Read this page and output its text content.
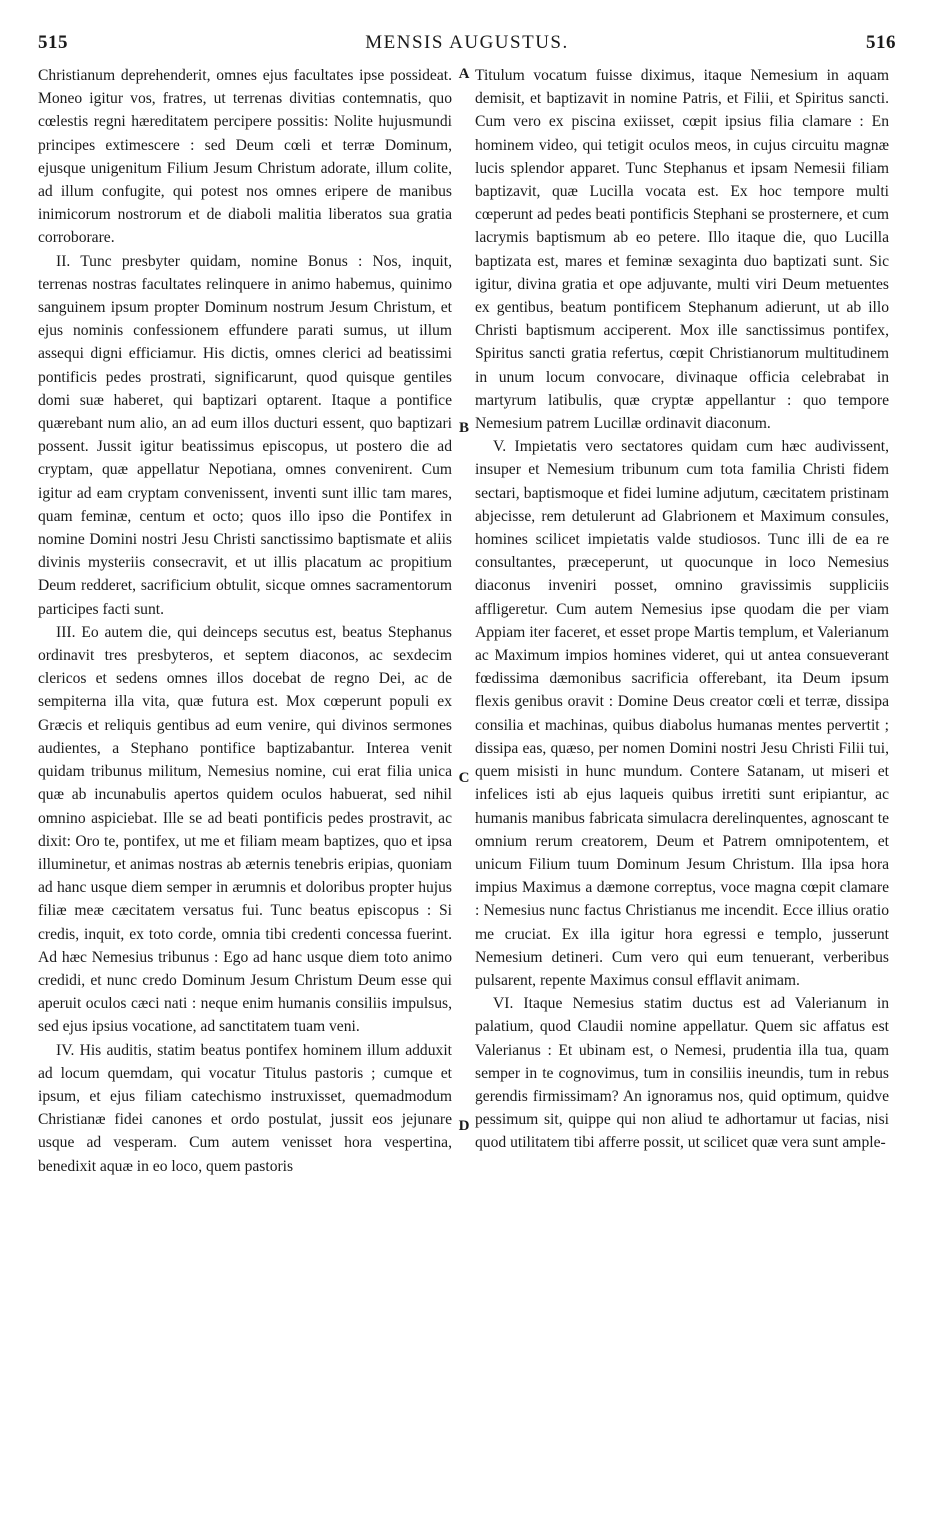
515	MENSIS AUGUSTUS.	516

Christianum deprehenderit, omnes ejus facultates ipse possideat. Moneo igitur vos, fratres, ut terrenas divitias contemnatis, quo cœlestis regni hæreditatem percipere possitis: Nolite hujusmundi principes extimescere : sed Deum cœli et terræ Dominum, ejusque unigenitum Filium Jesum Christum adorate, illum colite, ad illum confugite, qui potest nos omnes eripere de manibus inimicorum nostrorum et de diaboli malitia liberatos sua gratia corroborare.

II. Tunc presbyter quidam, nomine Bonus : Nos, inquit, terrenas nostras facultates relinquere in animo habemus, quinimo sanguinem ipsum propter Dominum nostrum Jesum Christum, et ejus nominis confessionem effundere parati sumus, ut illum assequi digni efficiamur. His dictis, omnes clerici ad beatissimi pontificis pedes prostrati, significarunt, quod quisque gentiles domi suæ haberet, qui baptizari optarent. Itaque a pontifice quærebant num alio, an ad eum illos ducturi essent, quo baptizari possent. Jussit igitur beatissimus episcopus, ut postero die ad cryptam, quæ appellatur Nepotiana, omnes convenirent. Cum igitur ad eam cryptam convenissent, inventi sunt illic tam mares, quam feminæ, centum et octo; quos illo ipso die Pontifex in nomine Domini nostri Jesu Christi sanctissimo baptismate et aliis divinis mysteriis consecravit, et ut illis placatum ac propitium Deum redderet, sacrificium obtulit, sicque omnes sacramentorum participes facti sunt.

III. Eo autem die, qui deinceps secutus est, beatus Stephanus ordinavit tres presbyteros, et septem diaconos, ac sexdecim clericos et sedens omnes illos docebat de regno Dei, ac de sempiterna illa vita, quæ futura est. Mox cœperunt populi ex Græcis et reliquis gentibus ad eum venire, qui divinos sermones audientes, a Stephano pontifice baptizabantur. Interea venit quidam tribunus militum, Nemesius nomine, cui erat filia unica quæ ab incunabulis apertos quidem oculos habuerat, sed nihil omnino aspiciebat. Ille se ad beati pontificis pedes prostravit, ac dixit: Oro te, pontifex, ut me et filiam meam baptizes, quo et ipsa illuminetur, et animas nostras ab æternis tenebris eripias, quoniam ad hanc usque diem semper in ærumnis et doloribus propter hujus filiæ meæ cæcitatem versatus fui. Tunc beatus episcopus : Si credis, inquit, ex toto corde, omnia tibi credenti concessa fuerint. Ad hæc Nemesius tribunus : Ego ad hanc usque diem toto animo credidi, et nunc credo Dominum Jesum Christum Deum esse qui aperuit oculos cæci nati : neque enim humanis consiliis impulsus, sed ejus ipsius vocatione, ad sanctitatem tuam veni.

IV. His auditis, statim beatus pontifex hominem illum adduxit ad locum quemdam, qui vocatur Titulus pastoris ; cumque et ipsum, et ejus filiam catechismo instruxisset, quemadmodum Christianæ fidei canones et ordo postulat, jussit eos jejunare usque ad vesperam. Cum autem venisset hora vespertina, benedixit aquæ in eo loco, quem pastoris

A
B
C
D

Titulum vocatum fuisse diximus, itaque Nemesium in aquam demisit, et baptizavit in nomine Patris, et Filii, et Spiritus sancti. Cum vero ex piscina exiisset, cœpit ipsius filia clamare : En hominem video, qui tetigit oculos meos, in cujus circuitu magnæ lucis splendor apparet. Tunc Stephanus et ipsam Nemesii filiam baptizavit, quæ Lucilla vocata est. Ex hoc tempore multi cœperunt ad pedes beati pontificis Stephani se prosternere, et cum lacrymis baptismum ab eo petere. Illo itaque die, quo Lucilla baptizata est, mares et feminæ sexaginta duo baptizati sunt. Sic igitur, divina gratia et ope adjuvante, multi viri Deum metuentes ex gentibus, beatum pontificem Stephanum adierunt, ut ab illo Christi baptismum acciperent. Mox ille sanctissimus pontifex, Spiritus sancti gratia refertus, cœpit Christianorum multitudinem in unum locum convocare, divinaque officia celebrabat in martyrum latibulis, quæ cryptæ appellantur : quo tempore Nemesium patrem Lucillæ ordinavit diaconum.

V. Impietatis vero sectatores quidam cum hæc audivissent, insuper et Nemesium tribunum cum tota familia Christi fidem sectari, baptismoque et fidei lumine adjutum, cæcitatem pristinam abjecisse, rem detulerunt ad Glabrionem et Maximum consules, homines scilicet impietatis valde studiosos. Tunc illi de ea re consultantes, præceperunt, ut quocunque in loco Nemesius diaconus inveniri posset, omnino gravissimis suppliciis affligeretur. Cum autem Nemesius ipse quodam die per viam Appiam iter faceret, et esset prope Martis templum, et Valerianum ac Maximum impios homines videret, qui ut antea consueverant fœdissima dæmonibus sacrificia offerebant, ita Deum ipsum flexis genibus oravit : Domine Deus creator cœli et terræ, dissipa consilia et machinas, quibus diabolus humanas mentes pervertit ; dissipa eas, quæso, per nomen Domini nostri Jesu Christi Filii tui, quem misisti in hunc mundum. Contere Satanam, ut miseri et infelices isti ab ejus laqueis quibus irretiti sunt eripiantur, ac humanis manibus fabricata simulacra derelinquentes, agnoscant te omnium rerum creatorem, Deum et Patrem omnipotentem, et unicum Filium tuum Dominum Jesum Christum. Illa ipsa hora impius Maximus a dæmone correptus, voce magna cœpit clamare : Nemesius nunc factus Christianus me incendit. Ecce illius oratio me cruciat. Ex illa igitur hora egressi e templo, jusserunt Nemesium detineri. Cum vero qui eum tenuerant, verberibus pulsarent, repente Maximus consul efflavit animam.

VI. Itaque Nemesius statim ductus est ad Valerianum in palatium, quod Claudii nomine appellatur. Quem sic affatus est Valerianus : Et ubinam est, o Nemesi, prudentia illa tua, quam semper in te cognovimus, tum in consiliis ineundis, tum in rebus gerendis firmissimam? An ignoramus nos, quid optimum, quidve pessimum sit, quippe qui non aliud te adhortamur ut facias, nisi quod utilitatem tibi afferre possit, ut scilicet quæ vera sunt ample-
